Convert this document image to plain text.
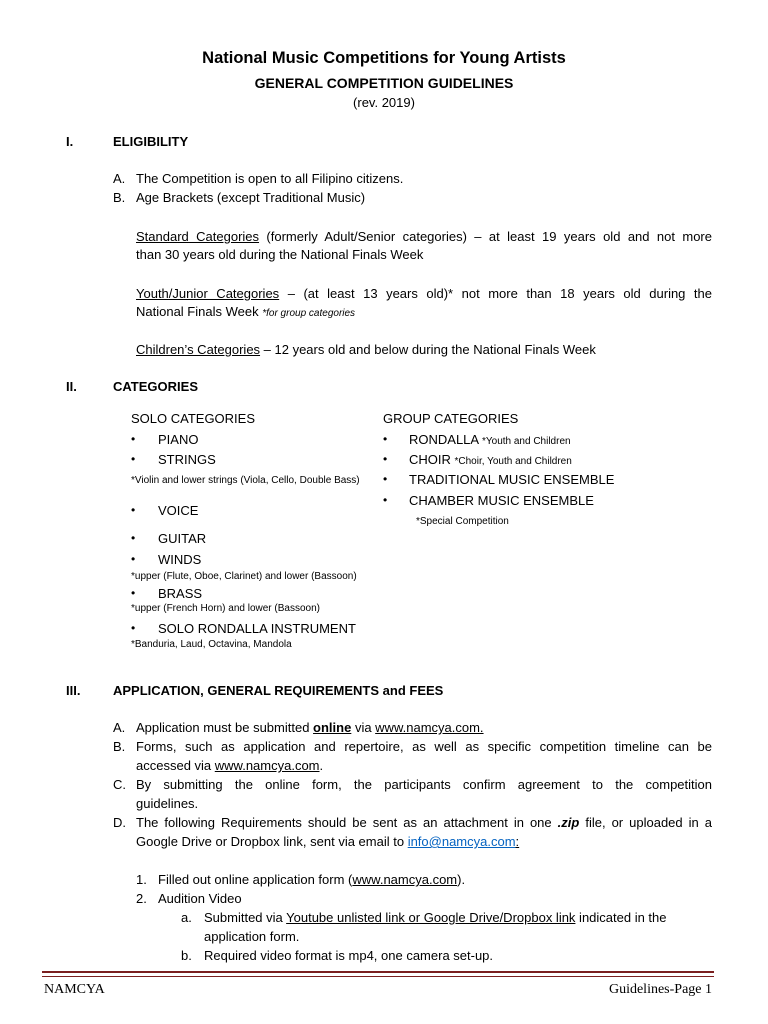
National Music Competitions for Young Artists
GENERAL COMPETITION GUIDELINES
(rev. 2019)
I.	ELIGIBILITY
A. The Competition is open to all Filipino citizens.
B. Age Brackets (except Traditional Music)
Standard Categories (formerly Adult/Senior categories) – at least 19 years old and not more
than 30 years old during the National Finals Week
Youth/Junior Categories – (at least 13 years old)* not more than 18 years old during the
National Finals Week *for group categories
Children’s Categories – 12 years old and below during the National Finals Week
II.	CATEGORIES
SOLO CATEGORIES	GROUP CATEGORIES
• PIANO
• STRINGS
*Violin and lower strings (Viola, Cello, Double Bass)
• VOICE
• GUITAR
• WINDS
*upper (Flute, Oboe, Clarinet) and lower (Bassoon)
• BRASS
*upper (French Horn) and lower (Bassoon)
• SOLO RONDALLA INSTRUMENT
*Banduria, Laud, Octavina, Mandola
• RONDALLA *Youth and Children
• CHOIR *Choir, Youth and Children
• TRADITIONAL MUSIC ENSEMBLE
• CHAMBER MUSIC ENSEMBLE
*Special Competition
III.	APPLICATION, GENERAL REQUIREMENTS and FEES
A. Application must be submitted online via www.namcya.com.
B. Forms, such as application and repertoire, as well as specific competition timeline can be
accessed via www.namcya.com.
C. By submitting the online form, the participants confirm agreement to the competition
guidelines.
D. The following Requirements should be sent as an attachment in one .zip file, or uploaded in a
Google Drive or Dropbox link, sent via email to info@namcya.com:
1. Filled out online application form (www.namcya.com).
2. Audition Video
a. Submitted via Youtube unlisted link or Google Drive/Dropbox link indicated in the
application form.
b. Required video format is mp4, one camera set-up.
NAMCYA	Guidelines-Page 1
